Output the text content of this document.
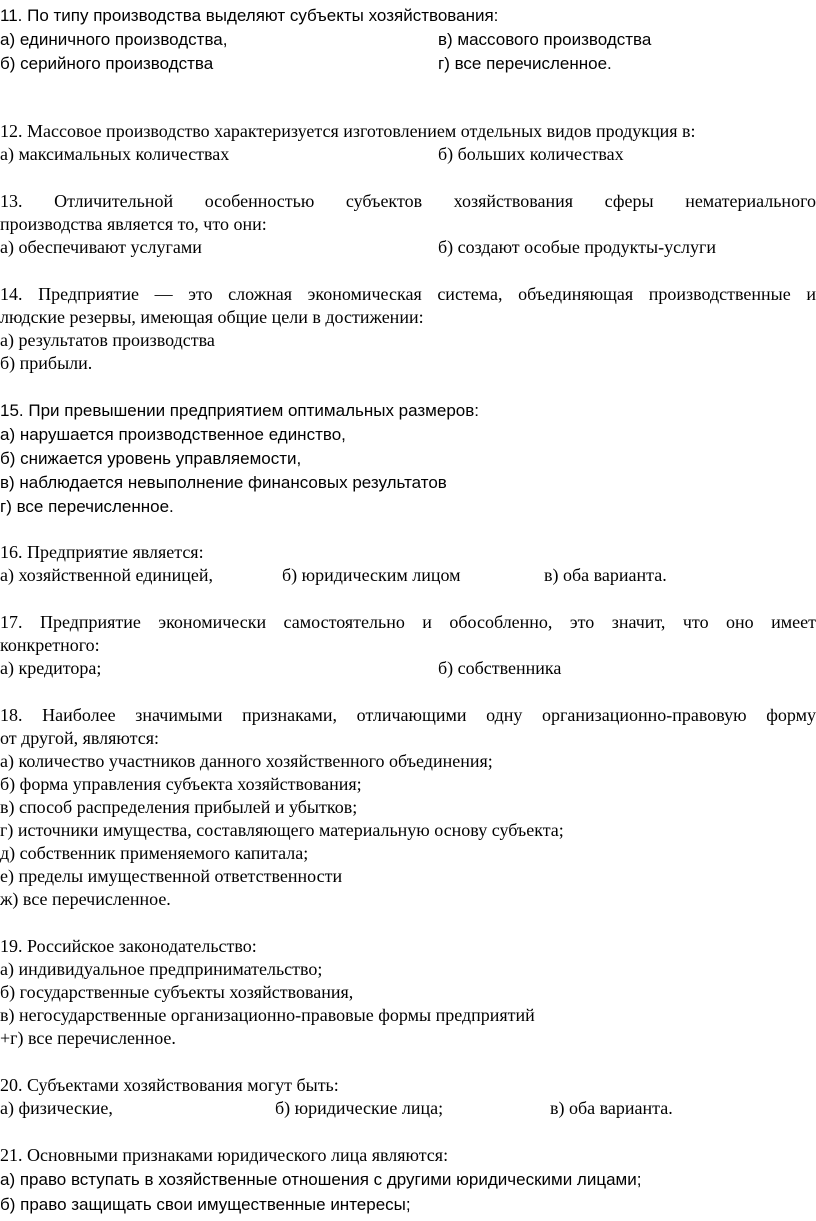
11. По типу производства выделяют субъекты хозяйствования:
а) единичного производства,	в) массового производства
б) серийного производства	г) все перечисленное.
12. Массовое производство характеризуется изготовлением отдельных видов продукция в:
а) максимальных количествах	б) больших количествах
13. Отличительной особенностью субъектов хозяйствования сферы нематериального
производства является то, что они:
а) обеспечивают услугами	б) создают особые продукты-услуги
14. Предприятие — это сложная экономическая система, объединяющая производственные и
людские резервы, имеющая общие цели в достижении:
а) результатов производства
б) прибыли.
15. При превышении предприятием оптимальных размеров:
а) нарушается производственное единство,
б) снижается уровень управляемости,
в) наблюдается невыполнение финансовых результатов
г) все перечисленное.
16. Предприятие является:
а) хозяйственной единицей,	б) юридическим лицом	в) оба варианта.
17. Предприятие экономически самостоятельно и обособленно, это значит, что оно имеет
конкретного:
а) кредитора;	б) собственника
18. Наиболее значимыми признаками, отличающими одну организационно-правовую форму
от другой, являются:
а) количество участников данного хозяйственного объединения;
б) форма управления субъекта хозяйствования;
в) способ распределения прибылей и убытков;
г) источники имущества, составляющего материальную основу субъекта;
д) собственник применяемого капитала;
е) пределы имущественной ответственности
ж) все перечисленное.
19. Российское законодательство:
а) индивидуальное предпринимательство;
б) государственные субъекты хозяйствования,
в) негосударственные организационно-правовые формы предприятий
+г) все перечисленное.
20. Субъектами хозяйствования могут быть:
а) физические,	б) юридические лица;	в) оба варианта.
21. Основными признаками юридического лица являются:
а) право вступать в хозяйственные отношения с другими юридическими лицами;
б) право защищать свои имущественные интересы;
